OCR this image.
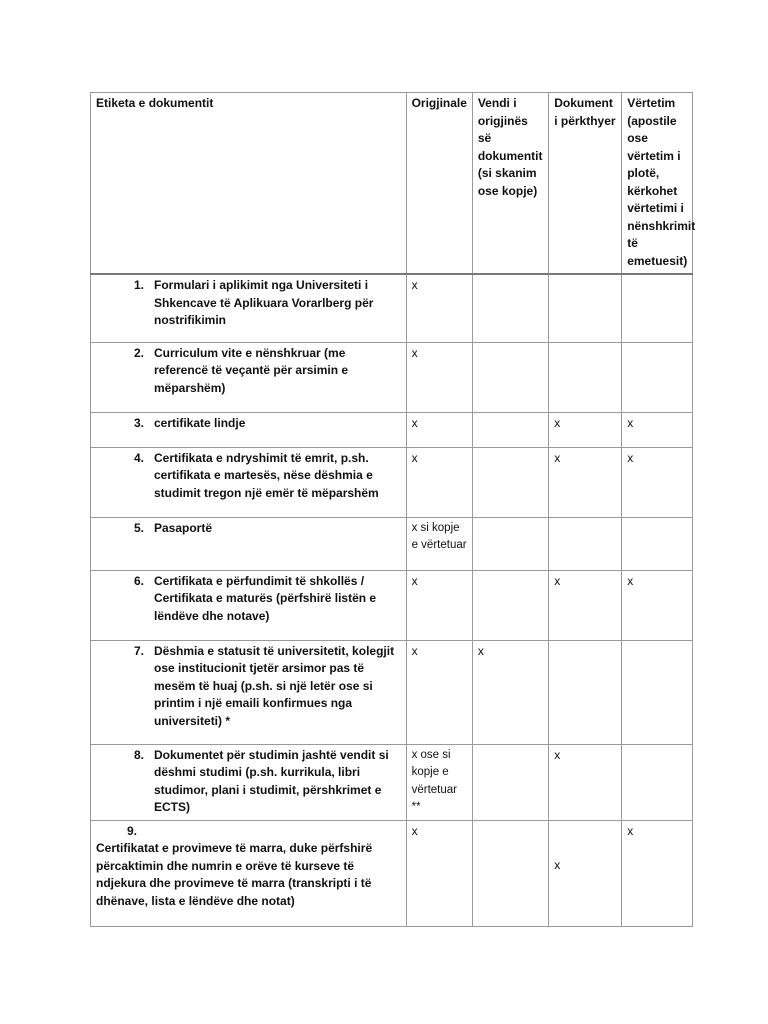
Etiketa e dokumentit	Origjinale	Vendi i origjinës së dokumentit (si skanim ose kopje)	Dokument i përkthyer	Vërtetim (apostile ose vërtetim i plotë, kërkohet vërtetimi i nënshkrimit të emetuesit)

1. Formulari i aplikimit nga Universiteti i Shkencave të Aplikuara Vorarlberg për nostrifikimin	x			

2. Curriculum vite e nënshkruar (me referencë të veçantë për arsimin e mëparshëm)	x			

3. certifikate lindje	x		x	x

4. Certifikata e ndryshimit të emrit, p.sh. certifikata e martesës, nëse dëshmia e studimit tregon një emër të mëparshëm	x		x	x

5. Pasaportë	x si kopje e vërtetuar			

6. Certifikata e përfundimit të shkollës / Certifikata e maturës (përfshirë listën e lëndëve dhe notave)	x		x	x

7. Dëshmia e statusit të universitetit, kolegjit ose institucionit tjetër arsimor pas të mesëm të huaj (p.sh. si një letër ose si printim i një emaili konfirmues nga universiteti) *	x	x		

8. Dokumentet për studimin jashtë vendit si dëshmi studimi (p.sh. kurrikula, libri studimor, plani i studimit, përshkrimet e ECTS)	x ose si kopje e vërtetuar **		x	

9.
Certifikatat e provimeve të marra, duke përfshirë përcaktimin dhe numrin e orëve të kurseve të ndjekura dhe provimeve të marra (transkripti i të dhënave, lista e lëndëve dhe notat)	x		x	x
